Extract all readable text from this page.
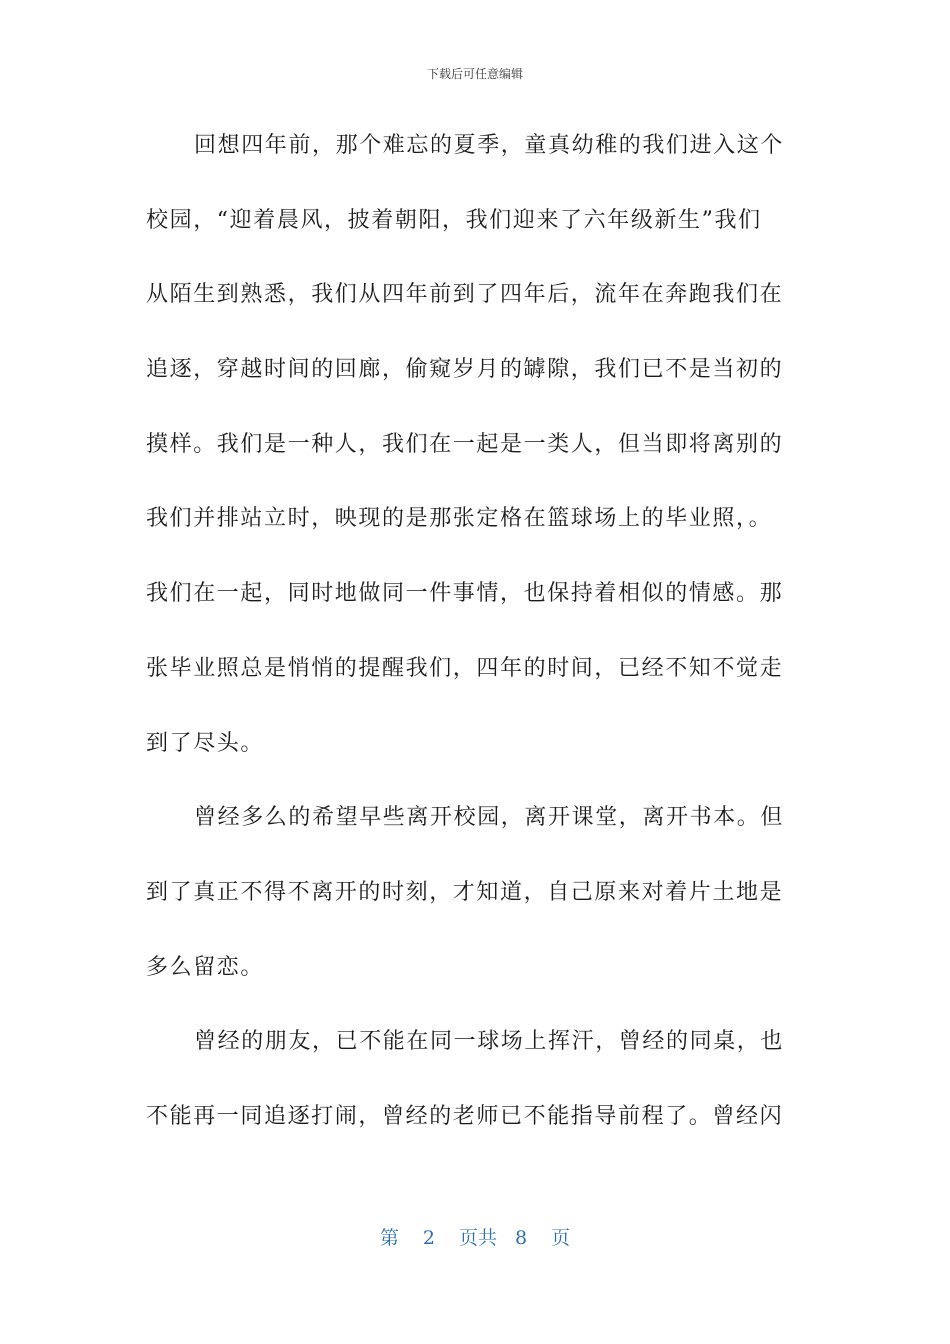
下载后可任意编辑
回想四年前，那个难忘的夏季，童真幼稚的我们进入这个
校园，“迎着晨风，披着朝阳，我们迎来了六年级新生”我们
从陌生到熟悉，我们从四年前到了四年后，流年在奔跑我们在
追逐，穿越时间的回廊，偷窥岁月的罅隙，我们已不是当初的
摸样。我们是一种人，我们在一起是一类人，但当即将离别的
我们并排站立时，映现的是那张定格在篮球场上的毕业照，。
我们在一起，同时地做同一件事情，也保持着相似的情感。那
张毕业照总是悄悄的提醒我们，四年的时间，已经不知不觉走
到了尽头。
曾经多么的希望早些离开校园，离开课堂，离开书本。但
到了真正不得不离开的时刻，才知道，自己原来对着片土地是
多么留恋。
曾经的朋友，已不能在同一球场上挥汗，曾经的同桌，也
不能再一同追逐打闹，曾经的老师已不能指导前程了。曾经闪
第 2 页共 8 页
